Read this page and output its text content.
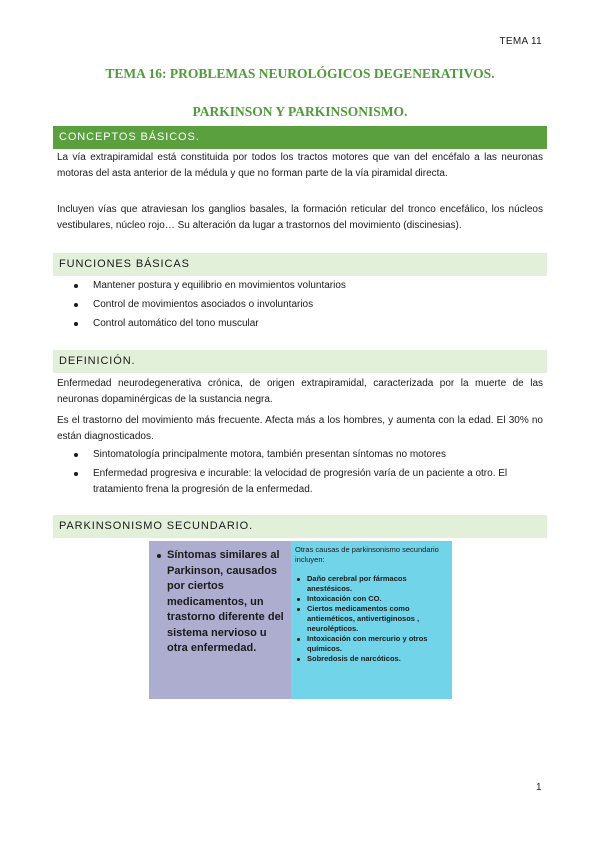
TEMA 11
TEMA 16: PROBLEMAS NEUROLÓGICOS DEGENERATIVOS.
PARKINSON Y PARKINSONISMO.
CONCEPTOS BÁSICOS.
La vía extrapiramidal está constituida por todos los tractos motores que van del encéfalo a las neuronas motoras del asta anterior de la médula y que no forman parte de la vía piramidal directa.
Incluyen vías que atraviesan los ganglios basales, la formación reticular del tronco encefálico, los núcleos vestibulares, núcleo rojo… Su alteración da lugar a trastornos del movimiento (discinesias).
FUNCIONES BÁSICAS
Mantener postura y equilibrio en movimientos voluntarios
Control de movimientos asociados o involuntarios
Control automático del tono muscular
DEFINICIÓN.
Enfermedad neurodegenerativa crónica, de origen extrapiramidal, caracterizada por la muerte de las neuronas dopaminérgicas de la sustancia negra.
Es el trastorno del movimiento más frecuente. Afecta más a los hombres, y aumenta con la edad. El 30% no están diagnosticados.
Sintomatología principalmente motora, también presentan síntomas no motores
Enfermedad progresiva e incurable: la velocidad de progresión varía de un paciente a otro. El tratamiento frena la progresión de la enfermedad.
PARKINSONISMO SECUNDARIO.
Síntomas similares al Parkinson, causados por ciertos medicamentos, un trastorno diferente del sistema nervioso u otra enfermedad.
Otras causas de parkinsonismo secundario incluyen:
Daño cerebral por fármacos anestésicos.
Intoxicación con CO.
Ciertos medicamentos como antieméticos, antivertiginosos , neurolépticos.
Intoxicación con mercurio y otros químicos.
Sobredosis de narcóticos.
1
